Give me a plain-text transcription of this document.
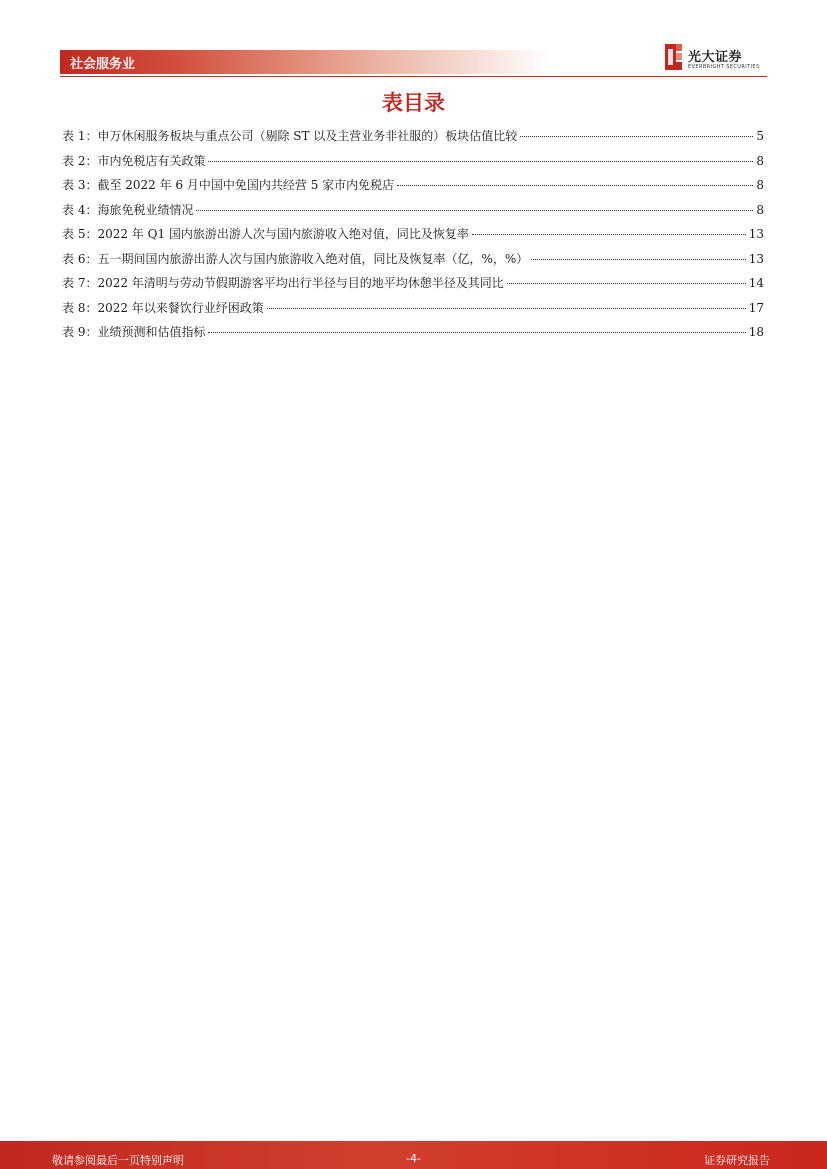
社会服务业	光大证券
EVERBRIGHT SECURITIES
表目录
表 1：申万休闲服务板块与重点公司（剔除 ST 以及主营业务非社服的）板块估值比较	5
表 2：市内免税店有关政策	8
表 3：截至 2022 年 6 月中国中免国内共经营 5 家市内免税店	8
表 4：海旅免税业绩情况	8
表 5：2022 年 Q1 国内旅游出游人次与国内旅游收入绝对值，同比及恢复率	13
表 6：五一期间国内旅游出游人次与国内旅游收入绝对值，同比及恢复率（亿，%，%）	13
表 7：2022 年清明与劳动节假期游客平均出行半径与目的地平均休憩半径及其同比	14
表 8：2022 年以来餐饮行业纾困政策	17
表 9：业绩预测和估值指标	18
敬请参阅最后一页特别声明	-4-	证券研究报告
